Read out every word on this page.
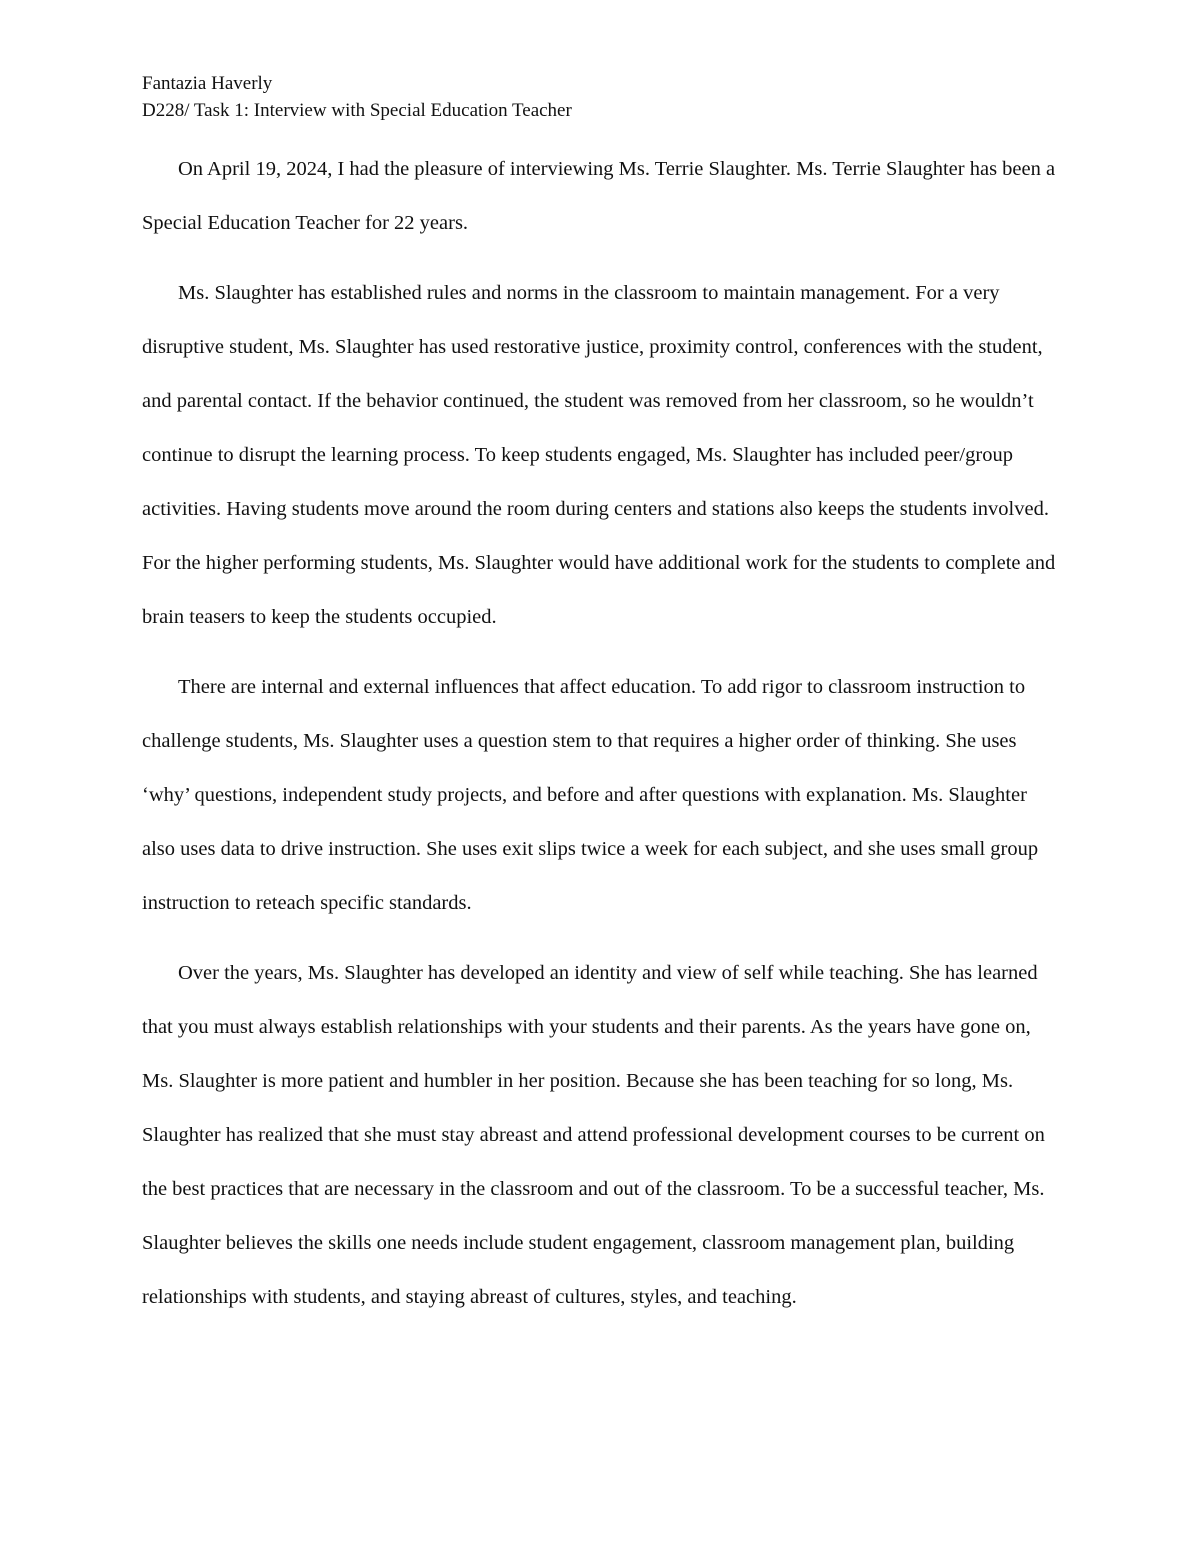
Fantazia Haverly
D228/ Task 1: Interview with Special Education Teacher

On April 19, 2024, I had the pleasure of interviewing Ms. Terrie Slaughter. Ms. Terrie Slaughter has been a Special Education Teacher for 22 years.

Ms. Slaughter has established rules and norms in the classroom to maintain management. For a very disruptive student, Ms. Slaughter has used restorative justice, proximity control, conferences with the student, and parental contact. If the behavior continued, the student was removed from her classroom, so he wouldn’t continue to disrupt the learning process. To keep students engaged, Ms. Slaughter has included peer/group activities. Having students move around the room during centers and stations also keeps the students involved. For the higher performing students, Ms. Slaughter would have additional work for the students to complete and brain teasers to keep the students occupied.

There are internal and external influences that affect education. To add rigor to classroom instruction to challenge students, Ms. Slaughter uses a question stem to that requires a higher order of thinking. She uses ‘why’ questions, independent study projects, and before and after questions with explanation. Ms. Slaughter also uses data to drive instruction. She uses exit slips twice a week for each subject, and she uses small group instruction to reteach specific standards.

Over the years, Ms. Slaughter has developed an identity and view of self while teaching. She has learned that you must always establish relationships with your students and their parents. As the years have gone on, Ms. Slaughter is more patient and humbler in her position. Because she has been teaching for so long, Ms. Slaughter has realized that she must stay abreast and attend professional development courses to be current on the best practices that are necessary in the classroom and out of the classroom. To be a successful teacher, Ms. Slaughter believes the skills one needs include student engagement, classroom management plan, building relationships with students, and staying abreast of cultures, styles, and teaching.
